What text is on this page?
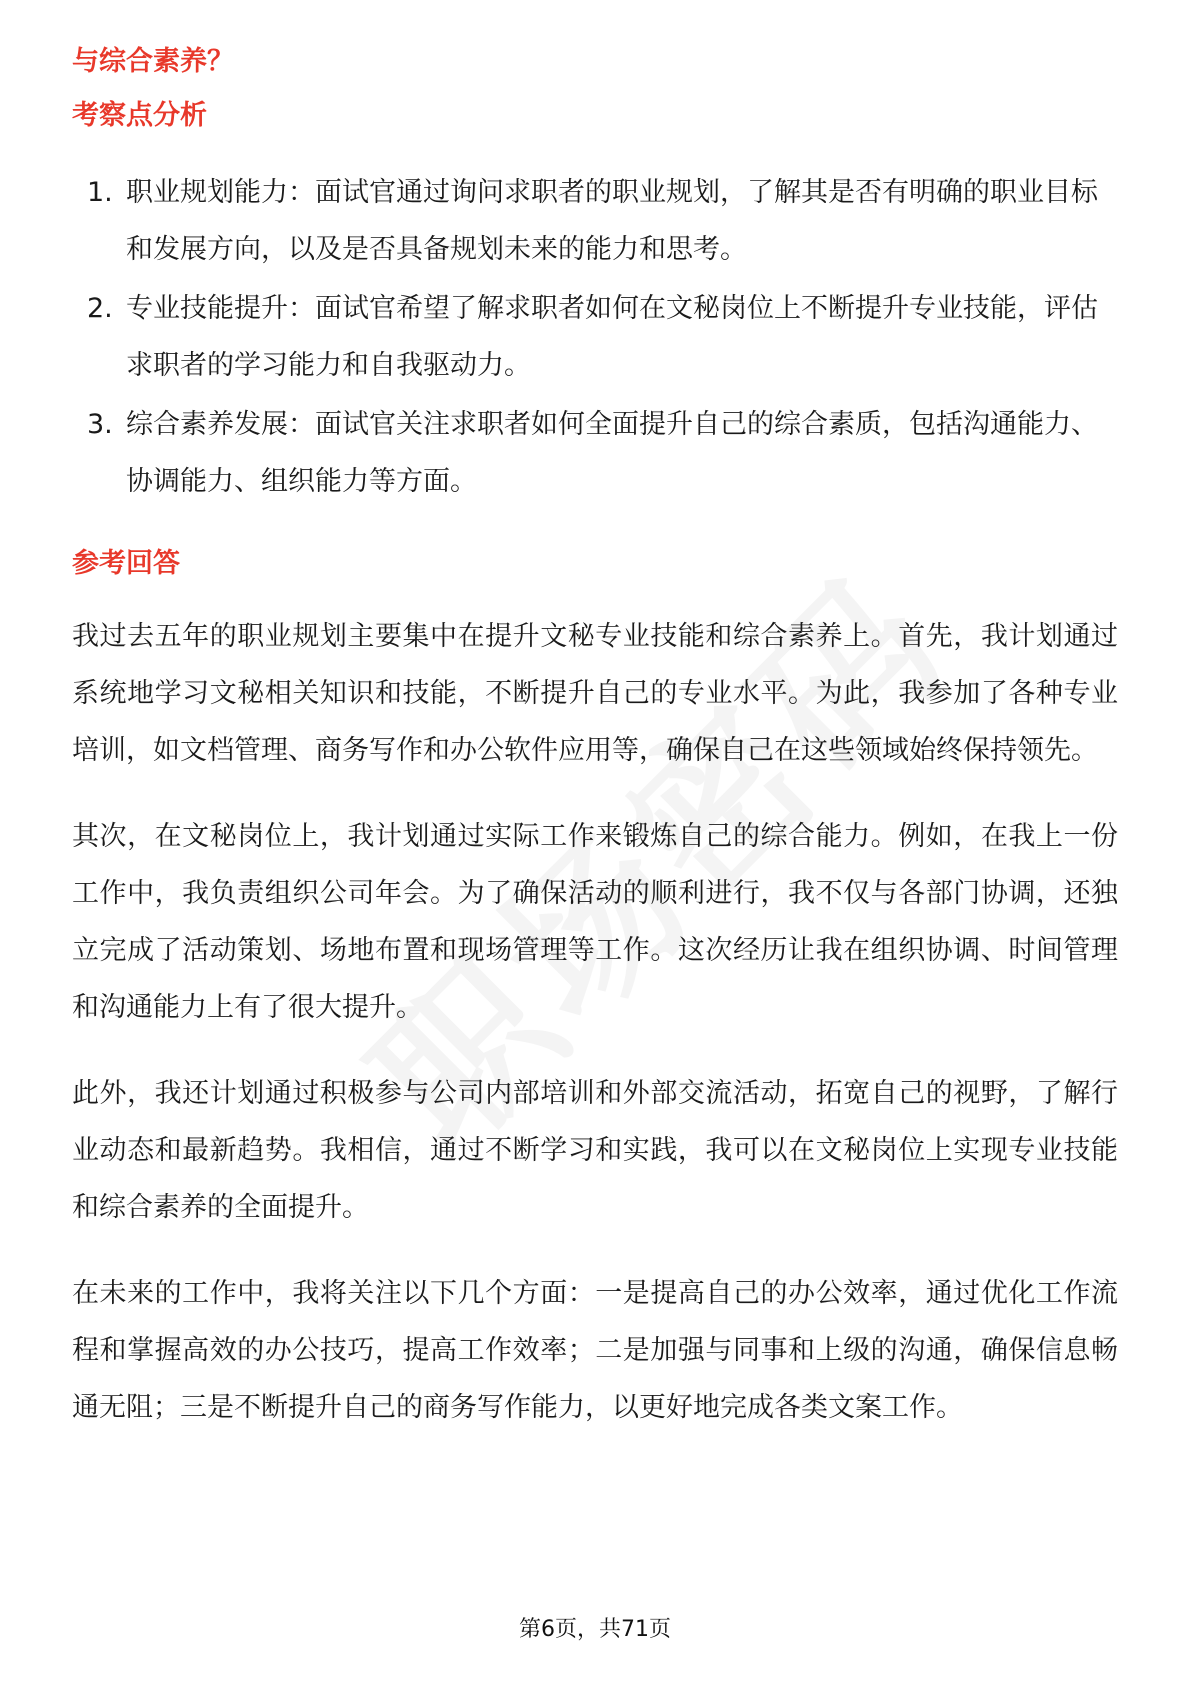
与综合素养？
考察点分析
1. 职业规划能力：面试官通过询问求职者的职业规划，了解其是否有明确的职业目标和发展方向，以及是否具备规划未来的能力和思考。
2. 专业技能提升：面试官希望了解求职者如何在文秘岗位上不断提升专业技能，评估求职者的学习能力和自我驱动力。
3. 综合素养发展：面试官关注求职者如何全面提升自己的综合素质，包括沟通能力、协调能力、组织能力等方面。
参考回答

我过去五年的职业规划主要集中在提升文秘专业技能和综合素养上。首先，我计划通过系统地学习文秘相关知识和技能，不断提升自己的专业水平。为此，我参加了各种专业培训，如文档管理、商务写作和办公软件应用等，确保自己在这些领域始终保持领先。

其次，在文秘岗位上，我计划通过实际工作来锻炼自己的综合能力。例如，在我上一份工作中，我负责组织公司年会。为了确保活动的顺利进行，我不仅与各部门协调，还独立完成了活动策划、场地布置和现场管理等工作。这次经历让我在组织协调、时间管理和沟通能力上有了很大提升。

此外，我还计划通过积极参与公司内部培训和外部交流活动，拓宽自己的视野，了解行业动态和最新趋势。我相信，通过不断学习和实践，我可以在文秘岗位上实现专业技能和综合素养的全面提升。

在未来的工作中，我将关注以下几个方面：一是提高自己的办公效率，通过优化工作流程和掌握高效的办公技巧，提高工作效率；二是加强与同事和上级的沟通，确保信息畅通无阻；三是不断提升自己的商务写作能力，以更好地完成各类文案工作。

第6页，共71页
